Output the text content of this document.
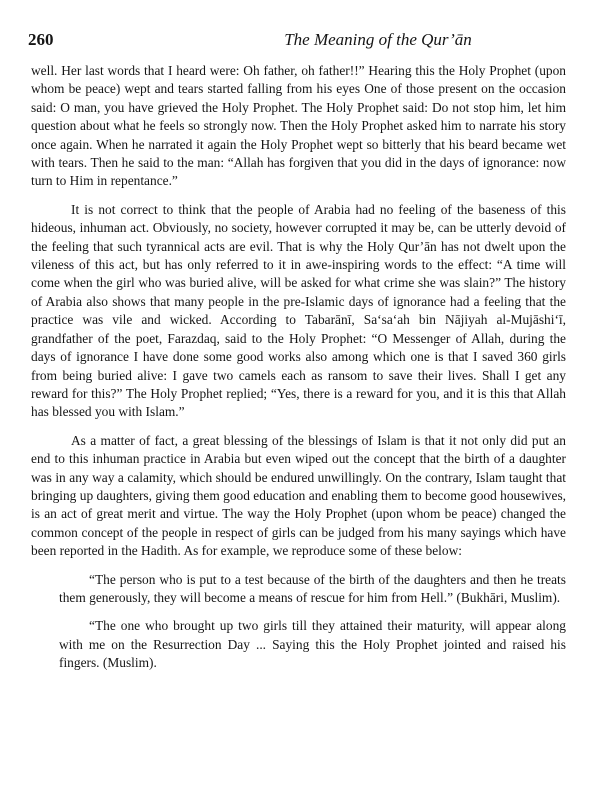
260	The Meaning of the Qur’ān

well. Her last words that I heard were: Oh father, oh father!!” Hearing this the Holy Prophet (upon whom be peace) wept and tears started falling from his eyes One of those present on the occasion said: O man, you have grieved the Holy Prophet. The Holy Prophet said: Do not stop him, let him question about what he feels so strongly now. Then the Holy Prophet asked him to narrate his story once again. When he narrated it again the Holy Prophet wept so bitterly that his beard became wet with tears. Then he said to the man: “Allah has forgiven that you did in the days of ignorance: now turn to Him in repentance.”

It is not correct to think that the people of Arabia had no feeling of the baseness of this hideous, inhuman act. Obviously, no society, however corrupted it may be, can be utterly devoid of the feeling that such tyrannical acts are evil. That is why the Holy Qur’ān has not dwelt upon the vileness of this act, but has only referred to it in awe-inspiring words to the effect: “A time will come when the girl who was buried alive, will be asked for what crime she was slain?” The history of Arabia also shows that many people in the pre-Islamic days of ignorance had a feeling that the practice was vile and wicked. According to Tabarānī, Sa‘sa‘ah bin Nājiyah al-Mujāshi‘ī, grandfather of the poet, Farazdaq, said to the Holy Prophet: “O Messenger of Allah, during the days of ignorance I have done some good works also among which one is that I saved 360 girls from being buried alive: I gave two camels each as ransom to save their lives. Shall I get any reward for this?” The Holy Prophet replied; “Yes, there is a reward for you, and it is this that Allah has blessed you with Islam.”

As a matter of fact, a great blessing of the blessings of Islam is that it not only did put an end to this inhuman practice in Arabia but even wiped out the concept that the birth of a daughter was in any way a calamity, which should be endured unwillingly. On the contrary, Islam taught that bringing up daughters, giving them good education and enabling them to become good housewives, is an act of great merit and virtue. The way the Holy Prophet (upon whom be peace) changed the common concept of the people in respect of girls can be judged from his many sayings which have been reported in the Hadith. As for example, we reproduce some of these below:

“The person who is put to a test because of the birth of the daughters and then he treats them generously, they will become a means of rescue for him from Hell.” (Bukhāri, Muslim).

“The one who brought up two girls till they attained their maturity, will appear along with me on the Resurrection Day ... Saying this the Holy Prophet jointed and raised his fingers. (Muslim).
